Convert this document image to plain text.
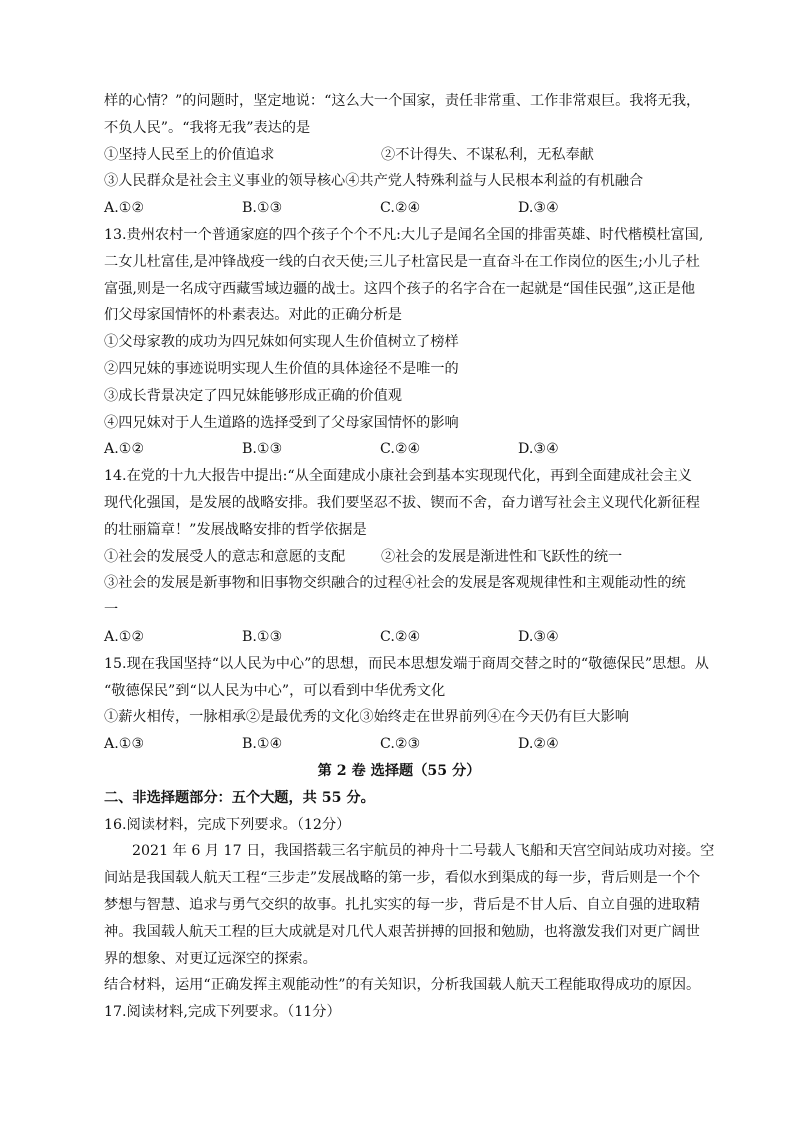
样的心情？”的问题时，坚定地说：“这么大一个国家，责任非常重、工作非常艰巨。我将无我，
不负人民”。“我将无我”表达的是
①坚持人民至上的价值追求	②不计得失、不谋私利，无私奉献
③人民群众是社会主义事业的领导核心④共产党人特殊利益与人民根本利益的有机融合
A.①②	B.①③	C.②④	D.③④
13.贵州农村一个普通家庭的四个孩子个个不凡:大儿子是闻名全国的排雷英雄、时代楷模杜富国,
二女儿杜富佳,是冲锋战疫一线的白衣天使;三儿子杜富民是一直奋斗在工作岗位的医生;小儿子杜
富强,则是一名成守西藏雪域边疆的战士。这四个孩子的名字合在一起就是“国佳民强”,这正是他
们父母家国情怀的朴素表达。对此的正确分析是
①父母家教的成功为四兄妹如何实现人生价值树立了榜样
②四兄妹的事迹说明实现人生价值的具体途径不是唯一的
③成长背景决定了四兄妹能够形成正确的价值观
④四兄妹对于人生道路的选择受到了父母家国情怀的影响
A.①②	B.①③	C.②④	D.③④
14.在党的十九大报告中提出:“从全面建成小康社会到基本实现现代化，再到全面建成社会主义
现代化强国，是发展的战略安排。我们要坚忍不拔、锲而不舍，奋力谱写社会主义现代化新征程
的壮丽篇章！”发展战略安排的哲学依据是
①社会的发展受人的意志和意愿的支配	②社会的发展是渐进性和飞跃性的统一
③社会的发展是新事物和旧事物交织融合的过程④社会的发展是客观规律性和主观能动性的统
一
A.①②	B.①③	C.②④	D.③④
15.现在我国坚持“以人民为中心”的思想，而民本思想发端于商周交替之时的“敬德保民”思想。从
“敬德保民”到“以人民为中心”，可以看到中华优秀文化
①薪火相传，一脉相承②是最优秀的文化③始终走在世界前列④在今天仍有巨大影响
A.①③	B.①④	C.②③	D.②④
第 2 卷 选择题（55 分）
二、非选择题部分：五个大题，共 55 分。
16.阅读材料，完成下列要求。（12分）
2021 年 6 月 17 日，我国搭载三名宇航员的神舟十二号载人飞船和天宫空间站成功对接。空
间站是我国载人航天工程“三步走”发展战略的第一步，看似水到渠成的每一步，背后则是一个个
梦想与智慧、追求与勇气交织的故事。扎扎实实的每一步，背后是不甘人后、自立自强的进取精
神。我国载人航天工程的巨大成就是对几代人艰苦拼搏的回报和勉励，也将激发我们对更广阔世
界的想象、对更辽远深空的探索。
结合材料，运用“正确发挥主观能动性”的有关知识，分析我国载人航天工程能取得成功的原因。
17.阅读材料,完成下列要求。（11分）
